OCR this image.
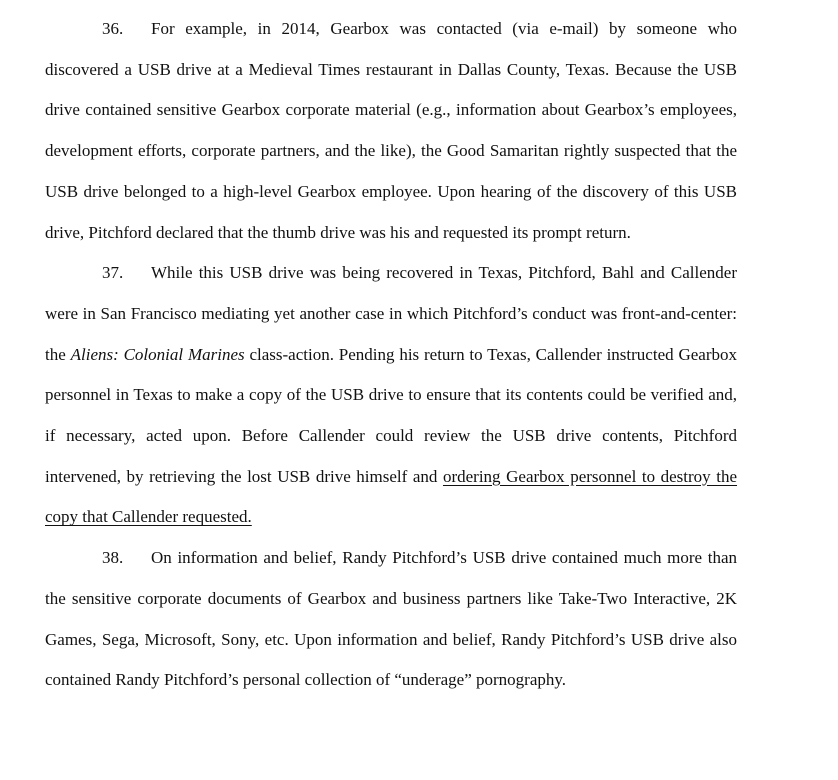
36. For example, in 2014, Gearbox was contacted (via e-mail) by someone who discovered a USB drive at a Medieval Times restaurant in Dallas County, Texas. Because the USB drive contained sensitive Gearbox corporate material (e.g., information about Gearbox’s employees, development efforts, corporate partners, and the like), the Good Samaritan rightly suspected that the USB drive belonged to a high-level Gearbox employee. Upon hearing of the discovery of this USB drive, Pitchford declared that the thumb drive was his and requested its prompt return.

37. While this USB drive was being recovered in Texas, Pitchford, Bahl and Callender were in San Francisco mediating yet another case in which Pitchford’s conduct was front-and-center: the Aliens: Colonial Marines class-action. Pending his return to Texas, Callender instructed Gearbox personnel in Texas to make a copy of the USB drive to ensure that its contents could be verified and, if necessary, acted upon. Before Callender could review the USB drive contents, Pitchford intervened, by retrieving the lost USB drive himself and ordering Gearbox personnel to destroy the copy that Callender requested.

38. On information and belief, Randy Pitchford’s USB drive contained much more than the sensitive corporate documents of Gearbox and business partners like Take-Two Interactive, 2K Games, Sega, Microsoft, Sony, etc. Upon information and belief, Randy Pitchford’s USB drive also contained Randy Pitchford’s personal collection of “underage” pornography.
